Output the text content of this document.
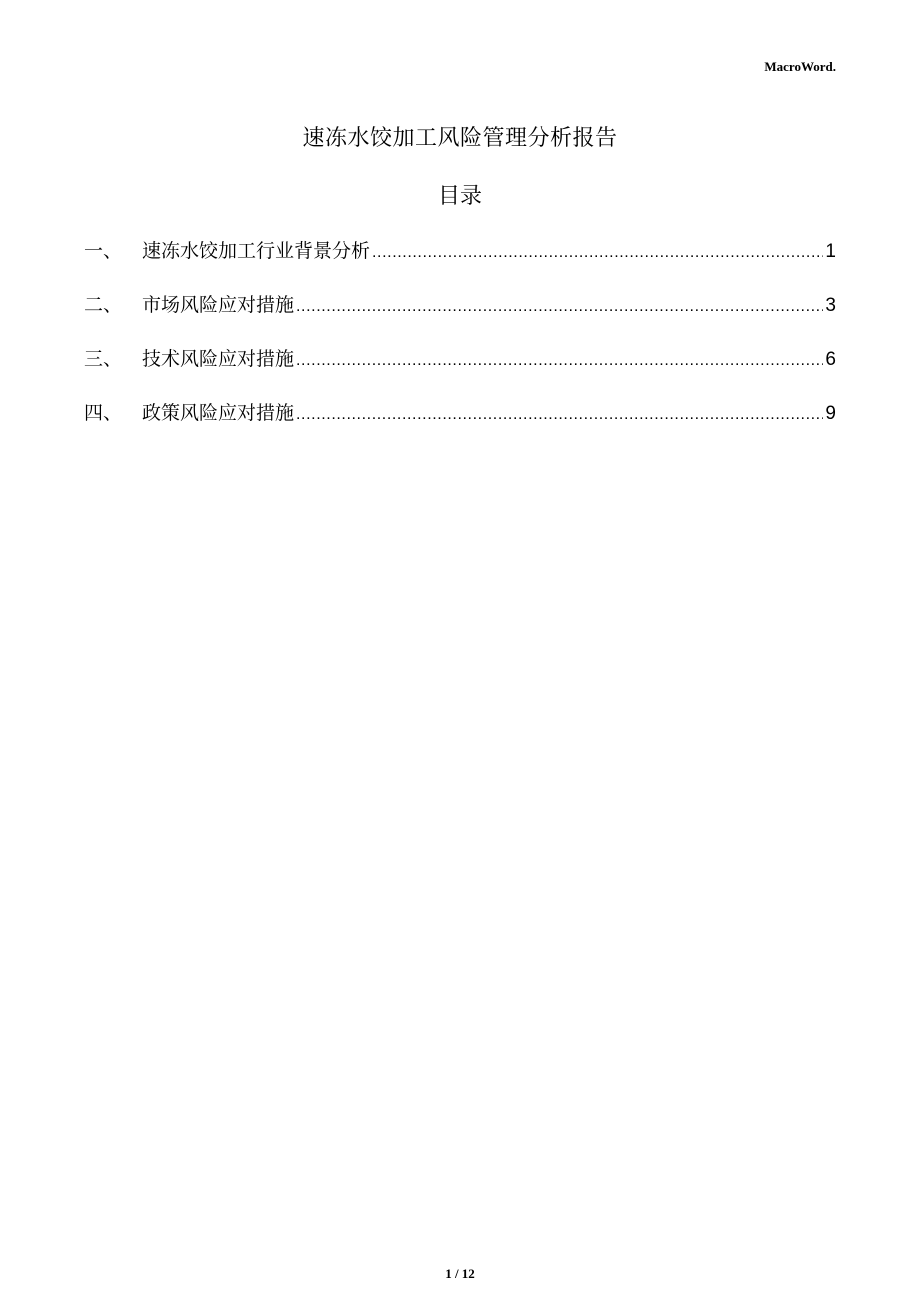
MacroWord.
速冻水饺加工风险管理分析报告
目录
一、	速冻水饺加工行业背景分析 .....	1
二、	市场风险应对措施 .....	3
三、	技术风险应对措施 .....	6
四、	政策风险应对措施 .....	9
1 / 12
